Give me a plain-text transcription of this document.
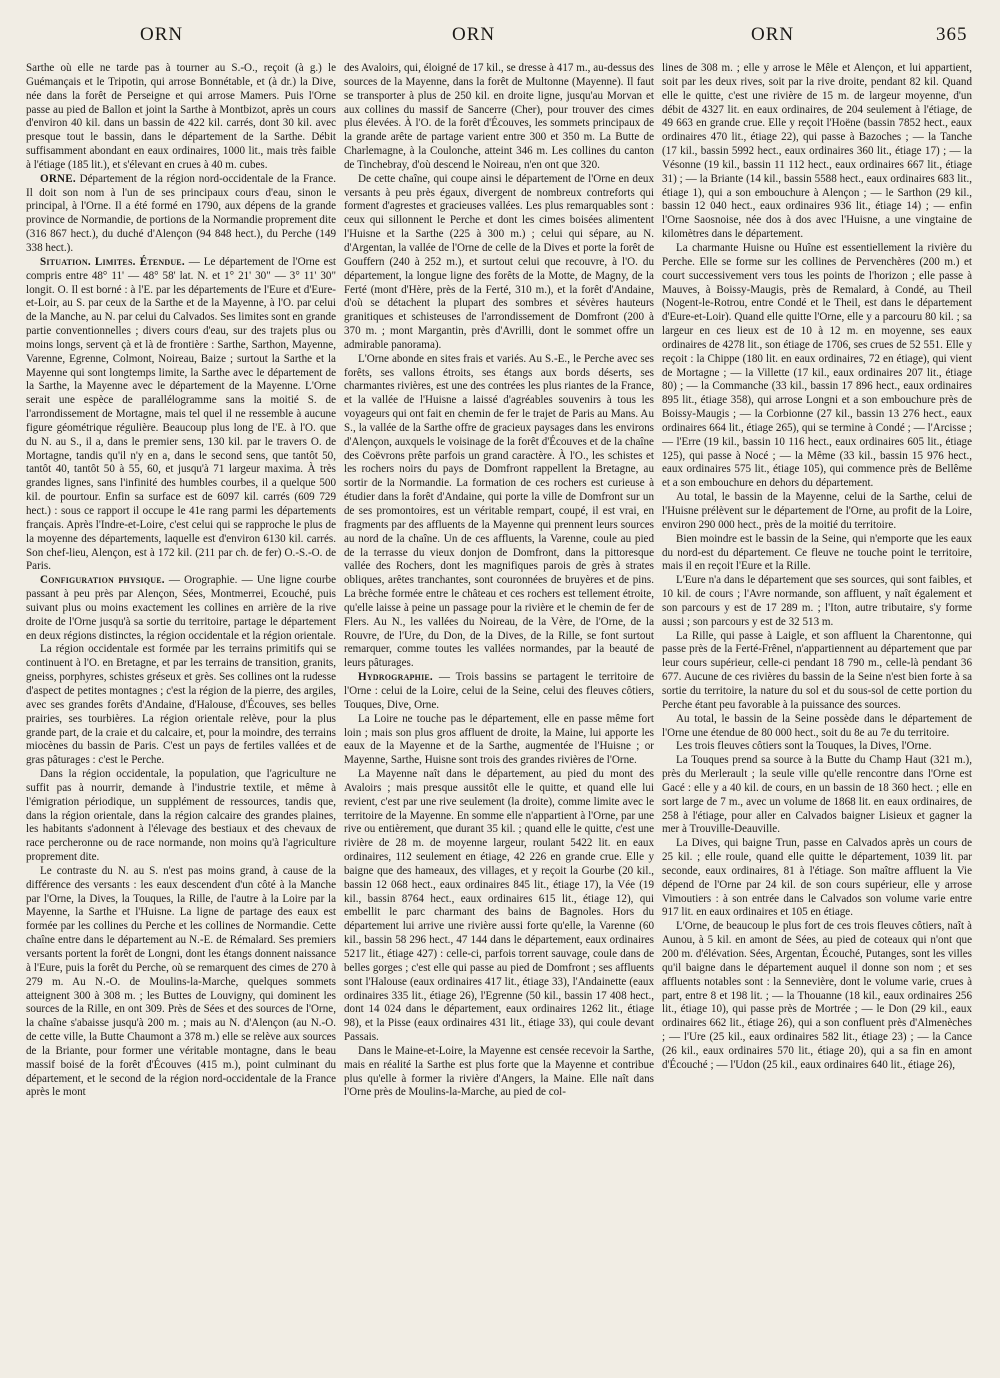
ORN	ORN	ORN	365

Sarthe où elle ne tarde pas à tourner au S.-O., reçoit (à g.) le Guémançais et le Tripotin, qui arrose Bonnétable, et (à dr.) la Dive, née dans la forêt de Perseigne et qui arrose Mamers. Puis l'Orne passe au pied de Ballon et joint la Sarthe à Montbizot, après un cours d'environ 40 kil. dans un bassin de 422 kil. carrés, dont 30 kil. avec presque tout le bassin, dans le département de la Sarthe. Débit suffisamment abondant en eaux ordinaires, 1000 lit., mais très faible à l'étiage (185 lit.), et s'élevant en crues à 40 m. cubes.

ORNE. Département de la région nord-occidentale de la France. Il doit son nom à l'un de ses principaux cours d'eau, sinon le principal, à l'Orne. Il a été formé en 1790, aux dépens de la grande province de Normandie, de portions de la Normandie proprement dite (316 867 hect.), du duché d'Alençon (94 848 hect.), du Perche (149 338 hect.).

Situation. Limites. Étendue. — Le département de l'Orne est compris entre 48° 11' — 48° 58' lat. N. et 1° 21' 30" — 3° 11' 30" longit. O. Il est borné : à l'E. par les départements de l'Eure et d'Eure-et-Loir, au S. par ceux de la Sarthe et de la Mayenne, à l'O. par celui de la Manche, au N. par celui du Calvados. Ses limites sont en grande partie conventionnelles ; divers cours d'eau, sur des trajets plus ou moins longs, servent çà et là de frontière : Sarthe, Sarthon, Mayenne, Varenne, Egrenne, Colmont, Noireau, Baize ; surtout la Sarthe et la Mayenne qui sont longtemps limite, la Sarthe avec le département de la Sarthe, la Mayenne avec le département de la Mayenne. L'Orne serait une espèce de parallélogramme sans la moitié S. de l'arrondissement de Mortagne, mais tel quel il ne ressemble à aucune figure géométrique régulière. Beaucoup plus long de l'E. à l'O. que du N. au S., il a, dans le premier sens, 130 kil. par le travers O. de Mortagne, tandis qu'il n'y en a, dans le second sens, que tantôt 50, tantôt 40, tantôt 50 à 55, 60, et jusqu'à 71 largeur maxima. À très grandes lignes, sans l'infinité des humbles courbes, il a quelque 500 kil. de pourtour. Enfin sa surface est de 6097 kil. carrés (609 729 hect.) : sous ce rapport il occupe le 41e rang parmi les départements français. Après l'Indre-et-Loire, c'est celui qui se rapproche le plus de la moyenne des départements, laquelle est d'environ 6130 kil. carrés. Son chef-lieu, Alençon, est à 172 kil. (211 par ch. de fer) O.-S.-O. de Paris.

Configuration physique. — Orographie. — Une ligne courbe passant à peu près par Alençon, Sées, Montmerrei, Ecouché, puis suivant plus ou moins exactement les collines en arrière de la rive droite de l'Orne jusqu'à sa sortie du territoire, partage le département en deux régions distinctes, la région occidentale et la région orientale.

La région occidentale est formée par les terrains primitifs qui se continuent à l'O. en Bretagne, et par les terrains de transition, granits, gneiss, porphyres, schistes gréseux et grès. Ses collines ont la rudesse d'aspect de petites montagnes ; c'est la région de la pierre, des argiles, avec ses grandes forêts d'Andaine, d'Halouse, d'Écouves, ses belles prairies, ses tourbières. La région orientale relève, pour la plus grande part, de la craie et du calcaire, et, pour la moindre, des terrains miocènes du bassin de Paris. C'est un pays de fertiles vallées et de gras pâturages : c'est le Perche.

Dans la région occidentale, la population, que l'agriculture ne suffit pas à nourrir, demande à l'industrie textile, et même à l'émigration périodique, un supplément de ressources, tandis que, dans la région orientale, dans la région calcaire des grandes plaines, les habitants s'adonnent à l'élevage des bestiaux et des chevaux de race percheronne ou de race normande, non moins qu'à l'agriculture proprement dite.

Le contraste du N. au S. n'est pas moins grand, à cause de la différence des versants : les eaux descendent d'un côté à la Manche par l'Orne, la Dives, la Touques, la Rille, de l'autre à la Loire par la Mayenne, la Sarthe et l'Huisne. La ligne de partage des eaux est formée par les collines du Perche et les collines de Normandie. Cette chaîne entre dans le département au N.-E. de Rémalard. Ses premiers versants portent la forêt de Longni, dont les étangs donnent naissance à l'Eure, puis la forêt du Perche, où se remarquent des cimes de 270 à 279 m. Au N.-O. de Moulins-la-Marche, quelques sommets atteignent 300 à 308 m. ; les Buttes de Louvigny, qui dominent les sources de la Rille, en ont 309. Près de Sées et des sources de l'Orne, la chaîne s'abaisse jusqu'à 200 m. ; mais au N. d'Alençon (au N.-O. de cette ville, la Butte Chaumont a 378 m.) elle se relève aux sources de la Briante, pour former une véritable montagne, dans le beau massif boisé de la forêt d'Écouves (415 m.), point culminant du département, et le second de la région nord-occidentale de la France après le mont

des Avaloirs, qui, éloigné de 17 kil., se dresse à 417 m., au-dessus des sources de la Mayenne, dans la forêt de Multonne (Mayenne). Il faut se transporter à plus de 250 kil. en droite ligne, jusqu'au Morvan et aux collines du massif de Sancerre (Cher), pour trouver des cimes plus élevées. À l'O. de la forêt d'Écouves, les sommets principaux de la grande arête de partage varient entre 300 et 350 m. La Butte de Charlemagne, à la Coulonche, atteint 346 m. Les collines du canton de Tinchebray, d'où descend le Noireau, n'en ont que 320.

De cette chaîne, qui coupe ainsi le département de l'Orne en deux versants à peu près égaux, divergent de nombreux contreforts qui forment d'agrestes et gracieuses vallées. Les plus remarquables sont : ceux qui sillonnent le Perche et dont les cimes boisées alimentent l'Huisne et la Sarthe (225 à 300 m.) ; celui qui sépare, au N. d'Argentan, la vallée de l'Orne de celle de la Dives et porte la forêt de Gouffern (240 à 252 m.), et surtout celui que recouvre, à l'O. du département, la longue ligne des forêts de la Motte, de Magny, de la Ferté (mont d'Hère, près de la Ferté, 310 m.), et la forêt d'Andaine, d'où se détachent la plupart des sombres et sévères hauteurs granitiques et schisteuses de l'arrondissement de Domfront (200 à 370 m. ; mont Margantin, près d'Avrilli, dont le sommet offre un admirable panorama).

L'Orne abonde en sites frais et variés. Au S.-E., le Perche avec ses forêts, ses vallons étroits, ses étangs aux bords déserts, ses charmantes rivières, est une des contrées les plus riantes de la France, et la vallée de l'Huisne a laissé d'agréables souvenirs à tous les voyageurs qui ont fait en chemin de fer le trajet de Paris au Mans. Au S., la vallée de la Sarthe offre de gracieux paysages dans les environs d'Alençon, auxquels le voisinage de la forêt d'Écouves et de la chaîne des Coëvrons prête parfois un grand caractère. À l'O., les schistes et les rochers noirs du pays de Domfront rappellent la Bretagne, au sortir de la Normandie. La formation de ces rochers est curieuse à étudier dans la forêt d'Andaine, qui porte la ville de Domfront sur un de ses promontoires, est un véritable rempart, coupé, il est vrai, en fragments par des affluents de la Mayenne qui prennent leurs sources au nord de la chaîne. Un de ces affluents, la Varenne, coule au pied de la terrasse du vieux donjon de Domfront, dans la pittoresque vallée des Rochers, dont les magnifiques parois de grès à strates obliques, arêtes tranchantes, sont couronnées de bruyères et de pins. La brèche formée entre le château et ces rochers est tellement étroite, qu'elle laisse à peine un passage pour la rivière et le chemin de fer de Flers. Au N., les vallées du Noireau, de la Vère, de l'Orne, de la Rouvre, de l'Ure, du Don, de la Dives, de la Rille, se font surtout remarquer, comme toutes les vallées normandes, par la beauté de leurs pâturages.

Hydrographie. — Trois bassins se partagent le territoire de l'Orne : celui de la Loire, celui de la Seine, celui des fleuves côtiers, Touques, Dive, Orne.

La Loire ne touche pas le département, elle en passe même fort loin ; mais son plus gros affluent de droite, la Maine, lui apporte les eaux de la Mayenne et de la Sarthe, augmentée de l'Huisne ; or Mayenne, Sarthe, Huisne sont trois des grandes rivières de l'Orne.

La Mayenne naît dans le département, au pied du mont des Avaloirs ; mais presque aussitôt elle le quitte, et quand elle lui revient, c'est par une rive seulement (la droite), comme limite avec le territoire de la Mayenne. En somme elle n'appartient à l'Orne, par une rive ou entièrement, que durant 35 kil. ; quand elle le quitte, c'est une rivière de 28 m. de moyenne largeur, roulant 5422 lit. en eaux ordinaires, 112 seulement en étiage, 42 226 en grande crue. Elle y baigne que des hameaux, des villages, et y reçoit la Gourbe (20 kil., bassin 12 068 hect., eaux ordinaires 845 lit., étiage 17), la Vée (19 kil., bassin 8764 hect., eaux ordinaires 615 lit., étiage 12), qui embellit le parc charmant des bains de Bagnoles. Hors du département lui arrive une rivière aussi forte qu'elle, la Varenne (60 kil., bassin 58 296 hect., 47 144 dans le département, eaux ordinaires 5217 lit., étiage 427) : celle-ci, parfois torrent sauvage, coule dans de belles gorges ; c'est elle qui passe au pied de Domfront ; ses affluents sont l'Halouse (eaux ordinaires 417 lit., étiage 33), l'Andainette (eaux ordinaires 335 lit., étiage 26), l'Egrenne (50 kil., bassin 17 408 hect., dont 14 024 dans le département, eaux ordinaires 1262 lit., étiage 98), et la Pisse (eaux ordinaires 431 lit., étiage 33), qui coule devant Passais.

Dans le Maine-et-Loire, la Mayenne est censée recevoir la Sarthe, mais en réalité la Sarthe est plus forte que la Mayenne et contribue plus qu'elle à former la rivière d'Angers, la Maine. Elle naît dans l'Orne près de Moulins-la-Marche, au pied de col-

lines de 308 m. ; elle y arrose le Mêle et Alençon, et lui appartient, soit par les deux rives, soit par la rive droite, pendant 82 kil. Quand elle le quitte, c'est une rivière de 15 m. de largeur moyenne, d'un débit de 4327 lit. en eaux ordinaires, de 204 seulement à l'étiage, de 49 663 en grande crue. Elle y reçoit l'Hoëne (bassin 7852 hect., eaux ordinaires 470 lit., étiage 22), qui passe à Bazoches ; — la Tanche (17 kil., bassin 5992 hect., eaux ordinaires 360 lit., étiage 17) ; — la Vésonne (19 kil., bassin 11 112 hect., eaux ordinaires 667 lit., étiage 31) ; — la Briante (14 kil., bassin 5588 hect., eaux ordinaires 683 lit., étiage 1), qui a son embouchure à Alençon ; — le Sarthon (29 kil., bassin 12 040 hect., eaux ordinaires 936 lit., étiage 14) ; — enfin l'Orne Saosnoise, née dos à dos avec l'Huisne, a une vingtaine de kilomètres dans le département.

La charmante Huisne ou Huîne est essentiellement la rivière du Perche. Elle se forme sur les collines de Pervenchères (200 m.) et court successivement vers tous les points de l'horizon ; elle passe à Mauves, à Boissy-Maugis, près de Remalard, à Condé, au Theil (Nogent-le-Rotrou, entre Condé et le Theil, est dans le département d'Eure-et-Loir). Quand elle quitte l'Orne, elle y a parcouru 80 kil. ; sa largeur en ces lieux est de 10 à 12 m. en moyenne, ses eaux ordinaires de 4278 lit., son étiage de 1706, ses crues de 52 551. Elle y reçoit : la Chippe (180 lit. en eaux ordinaires, 72 en étiage), qui vient de Mortagne ; — la Villette (17 kil., eaux ordinaires 207 lit., étiage 80) ; — la Commanche (33 kil., bassin 17 896 hect., eaux ordinaires 895 lit., étiage 358), qui arrose Longni et a son embouchure près de Boissy-Maugis ; — la Corbionne (27 kil., bassin 13 276 hect., eaux ordinaires 664 lit., étiage 265), qui se termine à Condé ; — l'Arcisse ; — l'Erre (19 kil., bassin 10 116 hect., eaux ordinaires 605 lit., étiage 125), qui passe à Nocé ; — la Même (33 kil., bassin 15 976 hect., eaux ordinaires 575 lit., étiage 105), qui commence près de Bellême et a son embouchure en dehors du département.

Au total, le bassin de la Mayenne, celui de la Sarthe, celui de l'Huisne prélèvent sur le département de l'Orne, au profit de la Loire, environ 290 000 hect., près de la moitié du territoire.

Bien moindre est le bassin de la Seine, qui n'emporte que les eaux du nord-est du département. Ce fleuve ne touche point le territoire, mais il en reçoit l'Eure et la Rille.

L'Eure n'a dans le département que ses sources, qui sont faibles, et 10 kil. de cours ; l'Avre normande, son affluent, y naît également et son parcours y est de 17 289 m. ; l'Iton, autre tributaire, s'y forme aussi ; son parcours y est de 32 513 m.

La Rille, qui passe à Laigle, et son affluent la Charentonne, qui passe près de la Ferté-Frênel, n'appartiennent au département que par leur cours supérieur, celle-ci pendant 18 790 m., celle-là pendant 36 677. Aucune de ces rivières du bassin de la Seine n'est bien forte à sa sortie du territoire, la nature du sol et du sous-sol de cette portion du Perche étant peu favorable à la puissance des sources.

Au total, le bassin de la Seine possède dans le département de l'Orne une étendue de 80 000 hect., soit du 8e au 7e du territoire.

Les trois fleuves côtiers sont la Touques, la Dives, l'Orne.

La Touques prend sa source à la Butte du Champ Haut (321 m.), près du Merlerault ; la seule ville qu'elle rencontre dans l'Orne est Gacé : elle y a 40 kil. de cours, en un bassin de 18 360 hect. ; elle en sort large de 7 m., avec un volume de 1868 lit. en eaux ordinaires, de 258 à l'étiage, pour aller en Calvados baigner Lisieux et gagner la mer à Trouville-Deauville.

La Dives, qui baigne Trun, passe en Calvados après un cours de 25 kil. ; elle roule, quand elle quitte le département, 1039 lit. par seconde, eaux ordinaires, 81 à l'étiage. Son maître affluent la Vie dépend de l'Orne par 24 kil. de son cours supérieur, elle y arrose Vimoutiers : à son entrée dans le Calvados son volume varie entre 917 lit. en eaux ordinaires et 105 en étiage.

L'Orne, de beaucoup le plus fort de ces trois fleuves côtiers, naît à Aunou, à 5 kil. en amont de Sées, au pied de coteaux qui n'ont que 200 m. d'élévation. Sées, Argentan, Écouché, Putanges, sont les villes qu'il baigne dans le département auquel il donne son nom ; et ses affluents notables sont : la Sennevière, dont le volume varie, crues à part, entre 8 et 198 lit. ; — la Thouanne (18 kil., eaux ordinaires 256 lit., étiage 10), qui passe près de Mortrée ; — le Don (29 kil., eaux ordinaires 662 lit., étiage 26), qui a son confluent près d'Almenèches ; — l'Ure (25 kil., eaux ordinaires 582 lit., étiage 23) ; — la Cance (26 kil., eaux ordinaires 570 lit., étiage 20), qui a sa fin en amont d'Écouché ; — l'Udon (25 kil., eaux ordinaires 640 lit., étiage 26),
